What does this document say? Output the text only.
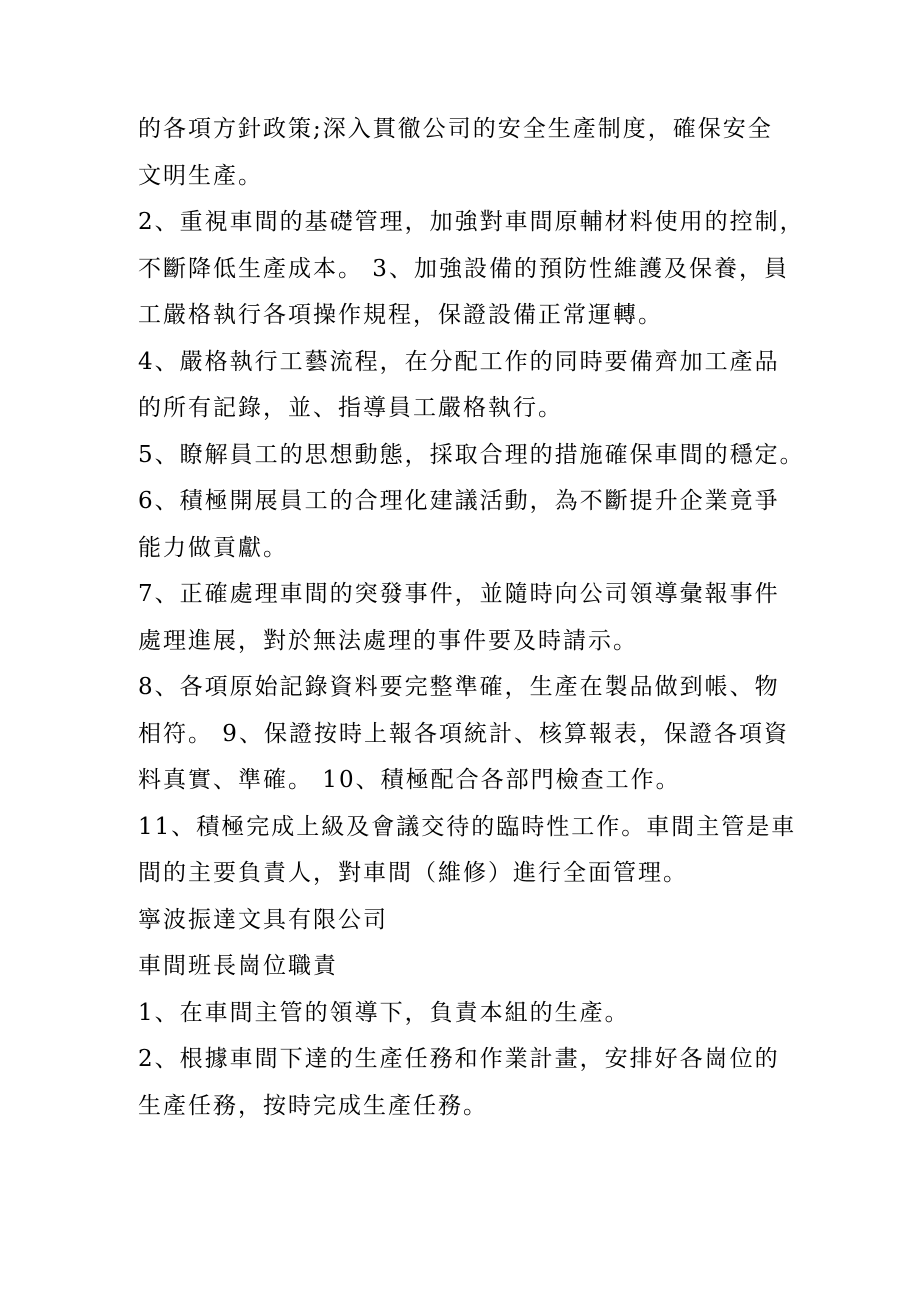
的各項方針政策;深入貫徹公司的安全生產制度，確保安全
文明生產。
2、重視車間的基礎管理，加強對車間原輔材料使用的控制，
不斷降低生產成本。 3、加強設備的預防性維護及保養，員
工嚴格執行各項操作規程，保證設備正常運轉。
4、嚴格執行工藝流程，在分配工作的同時要備齊加工產品
的所有記錄，並、指導員工嚴格執行。
5、瞭解員工的思想動態，採取合理的措施確保車間的穩定。
6、積極開展員工的合理化建議活動，為不斷提升企業竟爭
能力做貢獻。
7、正確處理車間的突發事件，並隨時向公司領導彙報事件
處理進展，對於無法處理的事件要及時請示。
8、各項原始記錄資料要完整準確，生產在製品做到帳、物
相符。 9、保證按時上報各項統計、核算報表，保證各項資
料真實、準確。 10、積極配合各部門檢查工作。
11、積極完成上級及會議交待的臨時性工作。車間主管是車
間的主要負責人，對車間（維修）進行全面管理。
寧波振達文具有限公司
車間班長崗位職責
1、在車間主管的領導下，負責本組的生產。
2、根據車間下達的生產任務和作業計畫，安排好各崗位的
生產任務，按時完成生產任務。
